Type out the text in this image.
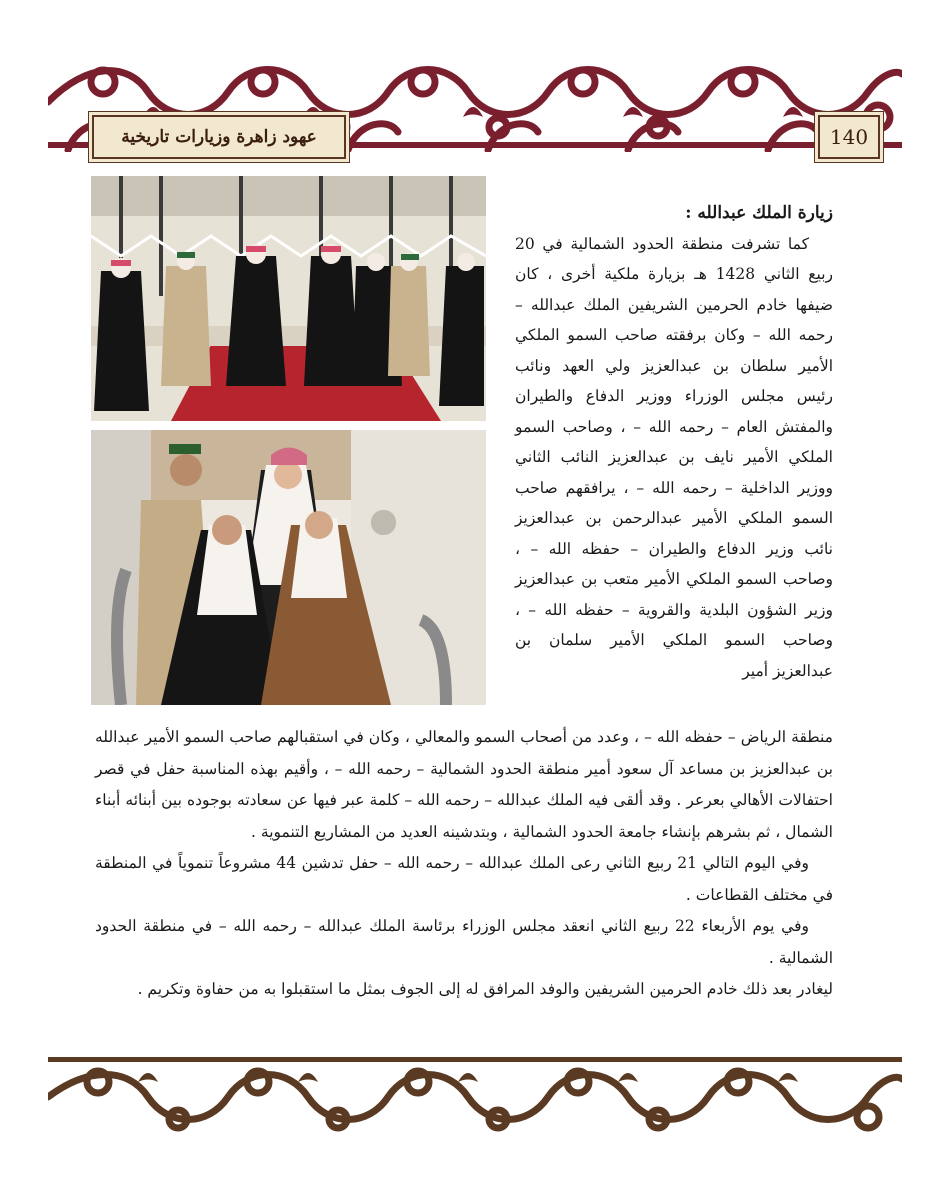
140
عهود زاهرة وزيارات تاريخية
زيارة الملك عبدالله :

كما تشرفت منطقة الحدود الشمالية في 20 ربيع الثاني 1428 هـ بزيارة ملكية أخرى ، كان ضيفها خادم الحرمين الشريفين الملك عبدالله – رحمه الله – وكان برفقته صاحب السمو الملكي الأمير سلطان بن عبدالعزيز ولي العهد ونائب رئيس مجلس الوزراء ووزير الدفاع والطيران والمفتش العام – رحمه الله – ، وصاحب السمو الملكي الأمير نايف بن عبدالعزيز النائب الثاني ووزير الداخلية – رحمه الله – ، يرافقهم صاحب السمو الملكي الأمير عبدالرحمن بن عبدالعزيز نائب وزير الدفاع والطيران – حفظه الله – ، وصاحب السمو الملكي الأمير متعب بن عبدالعزيز وزير الشؤون البلدية والقروية – حفظه الله – ، وصاحب السمو الملكي الأمير سلمان بن عبدالعزيز أمير

منطقة الرياض – حفظه الله – ، وعدد من أصحاب السمو والمعالي ، وكان في استقبالهم صاحب السمو الأمير عبدالله بن عبدالعزيز بن مساعد آل سعود أمير منطقة الحدود الشمالية – رحمه الله – ، وأقيم بهذه المناسبة حفل في قصر احتفالات الأهالي بعرعر . وقد ألقى فيه الملك عبدالله – رحمه الله – كلمة عبر فيها عن سعادته بوجوده بين أبنائه أبناء الشمال ، ثم بشرهم بإنشاء جامعة الحدود الشمالية ، وبتدشينه العديد من المشاريع التنموية .

وفي اليوم التالي 21 ربيع الثاني رعى الملك عبدالله – رحمه الله – حفل تدشين 44 مشروعاً تنموياً في المنطقة في مختلف القطاعات .

وفي يوم الأربعاء 22 ربيع الثاني انعقد مجلس الوزراء برئاسة الملك عبدالله – رحمه الله – في منطقة الحدود الشمالية .

ليغادر بعد ذلك خادم الحرمين الشريفين والوفد المرافق له إلى الجوف بمثل ما استقبلوا به من حفاوة وتكريم .
